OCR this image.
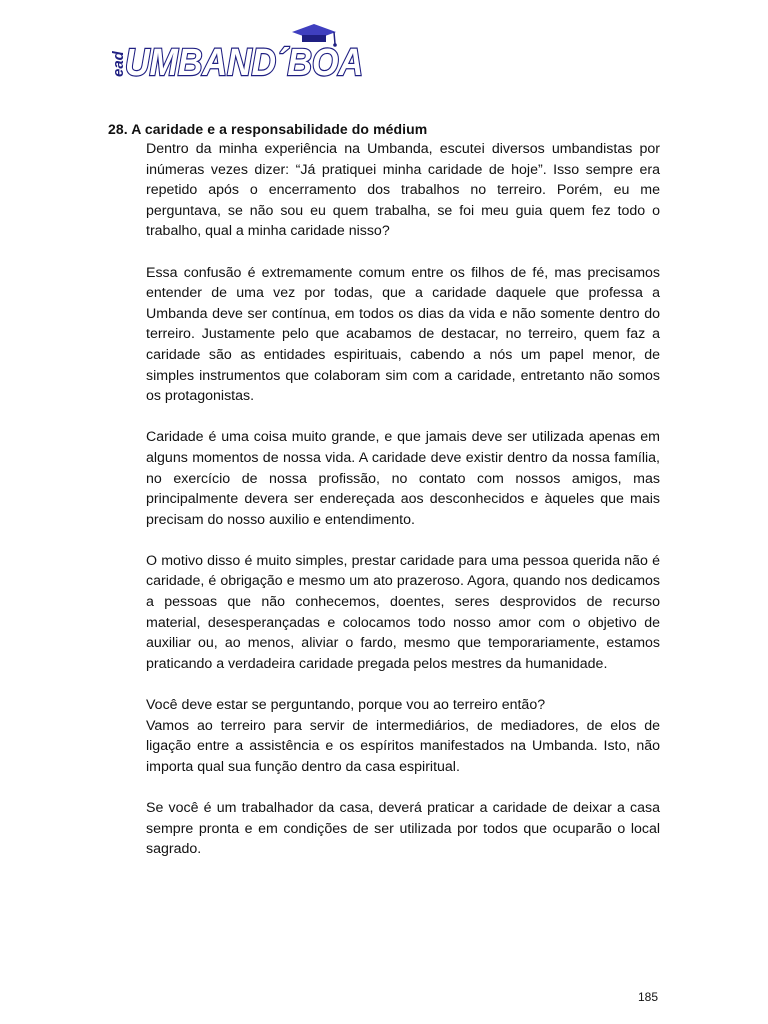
ead
UMBAND´BOA
28. A caridade e a responsabilidade do médium

Dentro da minha experiência na Umbanda, escutei diversos umbandistas por inúmeras vezes dizer: “Já pratiquei minha caridade de hoje”. Isso sempre era repetido após o encerramento dos trabalhos no terreiro. Porém, eu me perguntava, se não sou eu quem trabalha, se foi meu guia quem fez todo o trabalho, qual a minha caridade nisso?

Essa confusão é extremamente comum entre os filhos de fé, mas precisamos entender de uma vez por todas, que a caridade daquele que professa a Umbanda deve ser contínua, em todos os dias da vida e não somente dentro do terreiro. Justamente pelo que acabamos de destacar, no terreiro, quem faz a caridade são as entidades espirituais, cabendo a nós um papel menor, de simples instrumentos que colaboram sim com a caridade, entretanto não somos os protagonistas.

Caridade é uma coisa muito grande, e que jamais deve ser utilizada apenas em alguns momentos de nossa vida. A caridade deve existir dentro da nossa família, no exercício de nossa profissão, no contato com nossos amigos, mas principalmente devera ser endereçada aos desconhecidos e àqueles que mais precisam do nosso auxilio e entendimento.

O motivo disso é muito simples, prestar caridade para uma pessoa querida não é caridade, é obrigação e mesmo um ato prazeroso. Agora, quando nos dedicamos a pessoas que não conhecemos, doentes, seres desprovidos de recurso material, desesperançadas e colocamos todo nosso amor com o objetivo de auxiliar ou, ao menos, aliviar o fardo, mesmo que temporariamente, estamos praticando a verdadeira caridade pregada pelos mestres da humanidade.

Você deve estar se perguntando, porque vou ao terreiro então?

Vamos ao terreiro para servir de intermediários, de mediadores, de elos de ligação entre a assistência e os espíritos manifestados na Umbanda. Isto, não importa qual sua função dentro da casa espiritual.

Se você é um trabalhador da casa, deverá praticar a caridade de deixar a casa sempre pronta e em condições de ser utilizada por todos que ocuparão o local sagrado.

185
